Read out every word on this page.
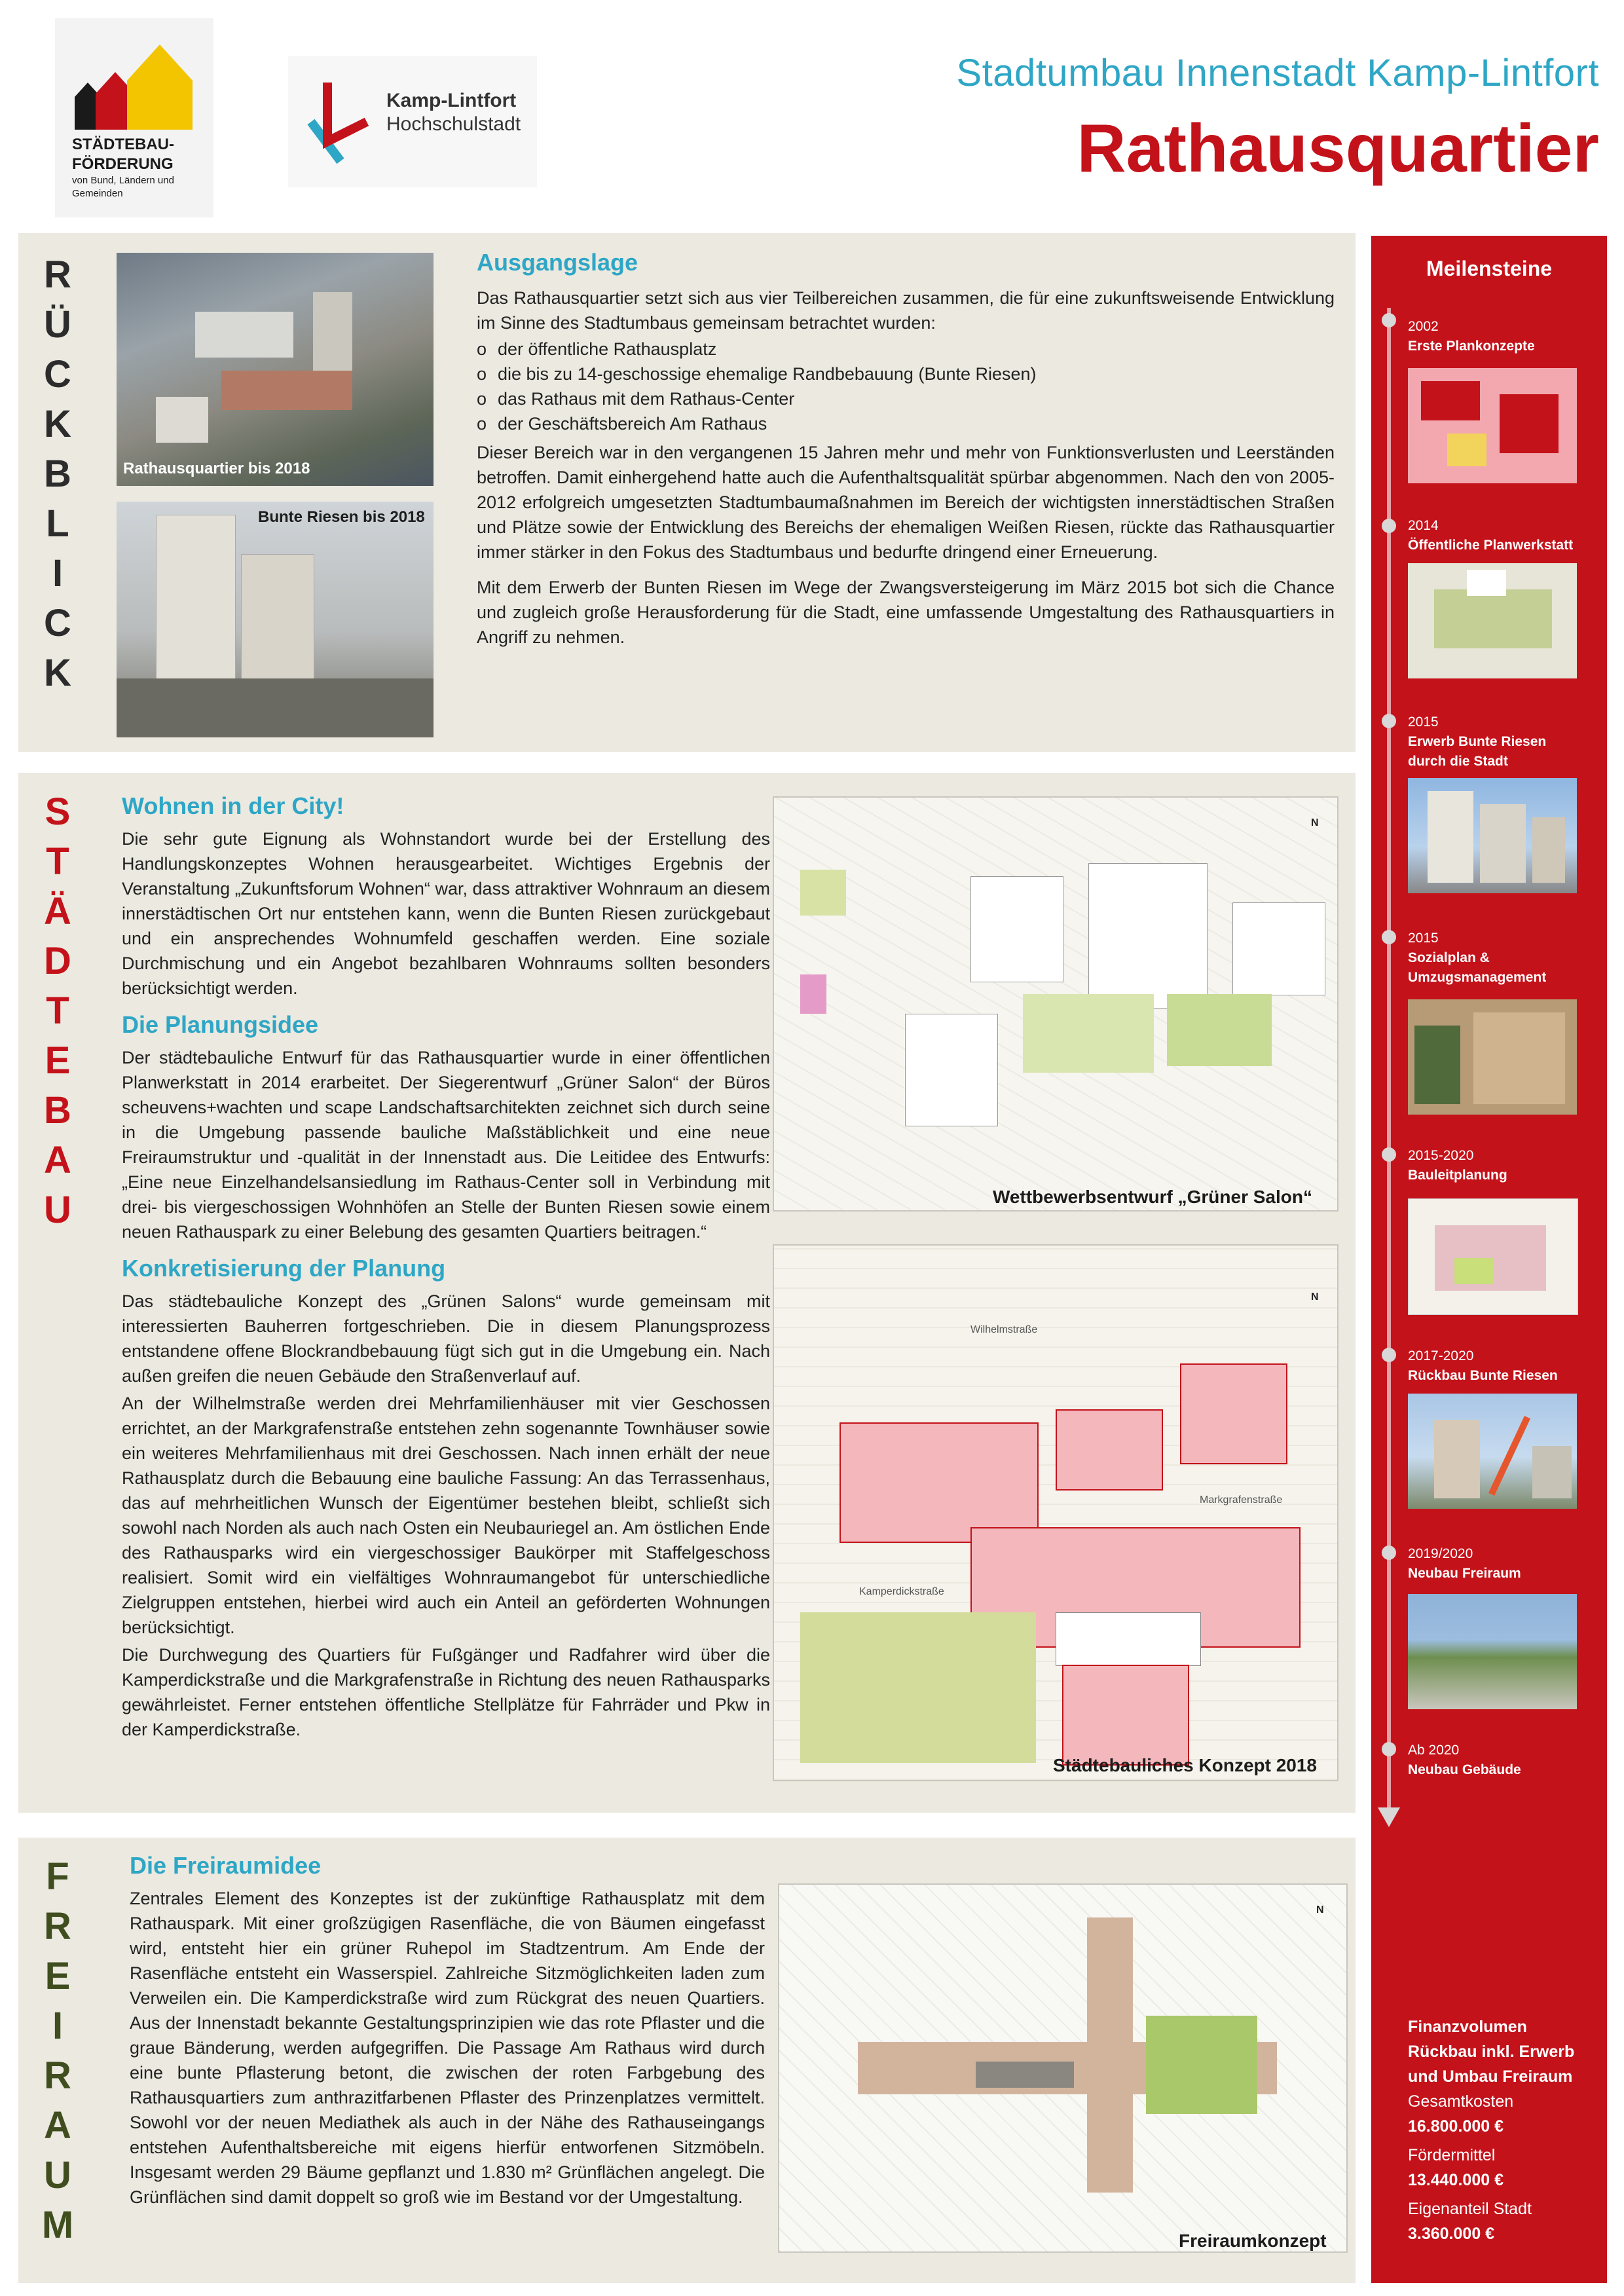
STÄDTEBAU-
FÖRDERUNG
von Bund, Ländern und Gemeinden
Kamp-Lintfort
Hochschulstadt
Stadtumbau Innenstadt Kamp-Lintfort
Rathausquartier
R
Ü
C
K
B
L
I
C
K
Rathausquartier bis 2018
Bunte Riesen bis 2018
Ausgangslage

Das Rathausquartier setzt sich aus vier Teilbereichen zusammen, die für eine zukunftsweisende Entwicklung im Sinne des Stadtumbaus gemeinsam betrachtet wurden:

o der öffentliche Rathausplatz
o die bis zu 14-geschossige ehemalige Randbebauung (Bunte Riesen)
o das Rathaus mit dem Rathaus-Center
o der Geschäftsbereich Am Rathaus

Dieser Bereich war in den vergangenen 15 Jahren mehr und mehr von Funktionsverlusten und Leerständen betroffen. Damit einhergehend hatte auch die Aufenthaltsqualität spürbar abgenommen. Nach den von 2005-2012 erfolgreich umgesetzten Stadtumbaumaßnahmen im Bereich der wichtigsten innerstädtischen Straßen und Plätze sowie der Entwicklung des Bereichs der ehemaligen Weißen Riesen, rückte das Rathausquartier immer stärker in den Fokus des Stadtumbaus und bedurfte dringend einer Erneuerung.

Mit dem Erwerb der Bunten Riesen im Wege der Zwangsversteigerung im März 2015 bot sich die Chance und zugleich große Herausforderung für die Stadt, eine umfassende Umgestaltung des Rathausquartiers in Angriff zu nehmen.

S
T
Ä
D
T
E
B
A
U
Wohnen in der City!

Die sehr gute Eignung als Wohnstandort wurde bei der Erstellung des Handlungskonzeptes Wohnen herausgearbeitet. Wichtiges Ergebnis der Veranstaltung „Zukunftsforum Wohnen“ war, dass attraktiver Wohnraum an diesem innerstädtischen Ort nur entstehen kann, wenn die Bunten Riesen zurückgebaut und ein ansprechendes Wohnumfeld geschaffen werden. Eine soziale Durchmischung und ein Angebot bezahlbaren Wohnraums sollten besonders berücksichtigt werden.

Die Planungsidee

Der städtebauliche Entwurf für das Rathausquartier wurde in einer öffentlichen Planwerkstatt in 2014 erarbeitet. Der Siegerentwurf „Grüner Salon“ der Büros scheuvens+wachten und scape Landschaftsarchitekten zeichnet sich durch seine in die Umgebung passende bauliche Maßstäblichkeit und eine neue Freiraumstruktur und -qualität in der Innenstadt aus. Die Leitidee des Entwurfs: „Eine neue Einzelhandelsansiedlung im Rathaus-Center soll in Verbindung mit drei- bis viergeschossigen Wohnhöfen an Stelle der Bunten Riesen sowie einem neuen Rathauspark zu einer Belebung des gesamten Quartiers beitragen.“

Konkretisierung der Planung

Das städtebauliche Konzept des „Grünen Salons“ wurde gemeinsam mit interessierten Bauherren fortgeschrieben. Die in diesem Planungsprozess entstandene offene Blockrandbebauung fügt sich gut in die Umgebung ein. Nach außen greifen die neuen Gebäude den Straßenverlauf auf.

An der Wilhelmstraße werden drei Mehrfamilienhäuser mit vier Geschossen errichtet, an der Markgrafenstraße entstehen zehn sogenannte Townhäuser sowie ein weiteres Mehrfamilienhaus mit drei Geschossen. Nach innen erhält der neue Rathausplatz durch die Bebauung eine bauliche Fassung: An das Terrassenhaus, das auf mehrheitlichen Wunsch der Eigentümer bestehen bleibt, schließt sich sowohl nach Norden als auch nach Osten ein Neubauriegel an. Am östlichen Ende des Rathausparks wird ein viergeschossiger Baukörper mit Staffelgeschoss realisiert. Somit wird ein vielfältiges Wohnraumangebot für unterschiedliche Zielgruppen entstehen, hierbei wird auch ein Anteil an geförderten Wohnungen berücksichtigt.

Die Durchwegung des Quartiers für Fußgänger und Radfahrer wird über die Kamperdickstraße und die Markgrafenstraße in Richtung des neuen Rathausparks gewährleistet. Ferner entstehen öffentliche Stellplätze für Fahrräder und Pkw in der Kamperdickstraße.

N
Wettbewerbsentwurf „Grüner Salon“
Wilhelmstraße
Kamperdickstraße
Markgrafenstraße
N
Städtebauliches Konzept 2018
F
R
E
I
R
A
U
M
Die Freiraumidee

Zentrales Element des Konzeptes ist der zukünftige Rathausplatz mit dem Rathauspark. Mit einer großzügigen Rasenfläche, die von Bäumen eingefasst wird, entsteht hier ein grüner Ruhepol im Stadtzentrum. Am Ende der Rasenfläche entsteht ein Wasserspiel. Zahlreiche Sitzmöglichkeiten laden zum Verweilen ein. Die Kamperdickstraße wird zum Rückgrat des neuen Quartiers. Aus der Innenstadt bekannte Gestaltungsprinzipien wie das rote Pflaster und die graue Bänderung, werden aufgegriffen. Die Passage Am Rathaus wird durch eine bunte Pflasterung betont, die zwischen der roten Farbgebung des Rathausquartiers zum anthrazitfarbenen Pflaster des Prinzenplatzes vermittelt. Sowohl vor der neuen Mediathek als auch in der Nähe des Rathauseingangs entstehen Aufenthaltsbereiche mit eigens hierfür entworfenen Sitzmöbeln. Insgesamt werden 29 Bäume gepflanzt und 1.830 m² Grünflächen angelegt. Die Grünflächen sind damit doppelt so groß wie im Bestand vor der Umgestaltung.

N
Freiraumkonzept
Meilensteine
2002
Erste Plankonzepte
2014
Öffentliche Planwerkstatt
2015
Erwerb Bunte Riesen durch die Stadt
2015
Sozialplan & Umzugsmanagement
2015-2020
Bauleitplanung
2017-2020
Rückbau Bunte Riesen
2019/2020
Neubau Freiraum
Ab 2020
Neubau Gebäude
Finanzvolumen Rückbau inkl. Erwerb und Umbau Freiraum
Gesamtkosten
16.800.000 €
Fördermittel
13.440.000 €
Eigenanteil Stadt
3.360.000 €
